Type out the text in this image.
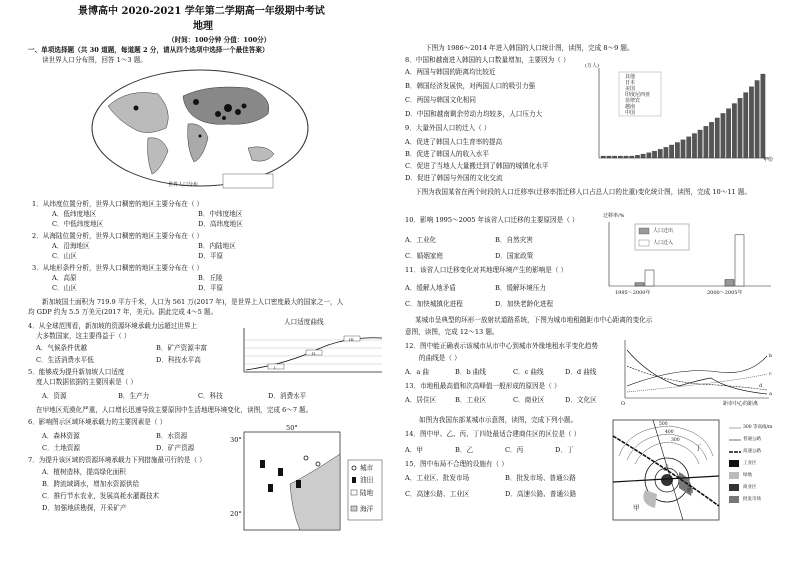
景博高中 2020-2021 学年第二学期高一年级期中考试
地理
（时间：100分钟 分值：100分）
一、单项选择题（共 30 道题，每道题 2 分，请从四个选项中选择一个最佳答案）
读世界人口分布图，回答 1～3 题。
世界人口分布
1．从纬度位置分析，世界人口稠密的地区主要分布在（ ）
A．低纬度地区	B．中纬度地区
C．中低纬度地区	D．高纬度地区
2．从海陆位置分析，世界人口稠密的地区主要分布在（ ）
A．沿海地区	B．内陆地区
C．山区	D．平原
3．从地形条件分析，世界人口稠密的地区主要分布在（ ）
A．高原	B．丘陵
C．山区	D．平原
新加坡国土面积为 719.9 平方千米，人口为 561 万(2017 年)，是世界上人口密度最大的国家之一，人
均 GDP 约为 5.5 万美元(2017 年，美元)。据此完成 4～5 题。
4．从全球范围看，新加坡的资源环境承载力远超过世界上
大多数国家，这主要得益于（ ）
A．气候条件优越	B．矿产资源丰富
C．生活消费水平低	D．科技水平高
5．能够成为提升新加坡人口适度
度人口数据依据的主要因素是（ ）
A．资源	B．生产力	C．科技	D．消费水平
在甲地区荒漠化严重，人口增长迅速导致主要原因中生活地理环境变化，读图，完成 6～7 题。
6．影响图示区域环境承载力的主要因素是（ ）
A．森林资源	B．水资源
C．土地资源	D．矿产资源
7．为提升该区域的资源环境承载力下列措施最可行的是（ ）
A．植树造林，提高绿化面积
B．跨流域调水，增加水资源供给
C．推行节水农业，发展高耗水灌溉技术
D．加强地质勘探，开采矿产
人口适度曲线
I
II
III
30°
20°
50°
城市
油田
陆地
海洋
下图为 1986～2014 年进入韩国的人口统计图，读图，完成 8～9 题。
8．中国和越南进入韩国的人口数量增加，主要因为（ ）
A．两国与韩国的距离均比较近
B．韩国经济发展快，对两国人口的吸引力强
C．两国与韩国文化相同
D．中国和越南剩余劳动力均较多，人口压力大
9．大量外国人口的迁入（ ）
A．促进了韩国人口生育率的提高
B．促进了韩国人的收入水平
C．促进了当地人大量搬迁到了韩国的城镇化水平
D．促进了韩国与外国的文化交流
(万人)
其他
日本
美国
印度尼西亚
菲律宾
越南
中国
年份
下图为我国某省在两个时段的人口迁移率(迁移率指迁移人口占总人口的比重)变化统计图，读图，完成 10～11 题。
10．影响 1995～2005 年该省人口迁移的主要原因是（ ）
A．工业化	B．自然灾害
C．婚姻家庭	D．国家政策
11．该省人口迁移变化对其地理环境产生的影响是（ ）
A．缓解人地矛盾	B．缓解环境压力
C．加快城镇化进程	D．加快老龄化进程
迁移率/%
人口迁出
人口迁入
1995～2000年	2000～2005年
某城市呈典型的环形一放射状道路系统，下图为城市地租随距市中心距离的变化示
意图，读图，完成 12～13 题。
12．图中能正确表示该城市从市中心到城市外缘地租水平变化趋势
的曲线是（ ）
A．a 曲	B．b 曲线	C．c 曲线	D．d 曲线
13．市地租最高值和次高峰值一般形成的原因是（ ）
A．居住区	B．工业区	C．商业区	D．文化区
a
b
c
d
O	距市中心的距离
如图为我国东部某城市示意图，读图，完成下列小题。
14．图中甲、乙、丙、丁四处最适合建商住区的区位是（ ）
A．甲	B．乙	C．丙	D．丁
15．图中布局不合理的设施有（ ）
A．工业区、批发市场	B．批发市场、普通公路
C．高速公路、工业区	D．高速公路、普通公路
300 等高线/m
普通公路
高速公路
工业区
绿地
商业区
批发市场
甲
乙
丙
丁
500
400
300
